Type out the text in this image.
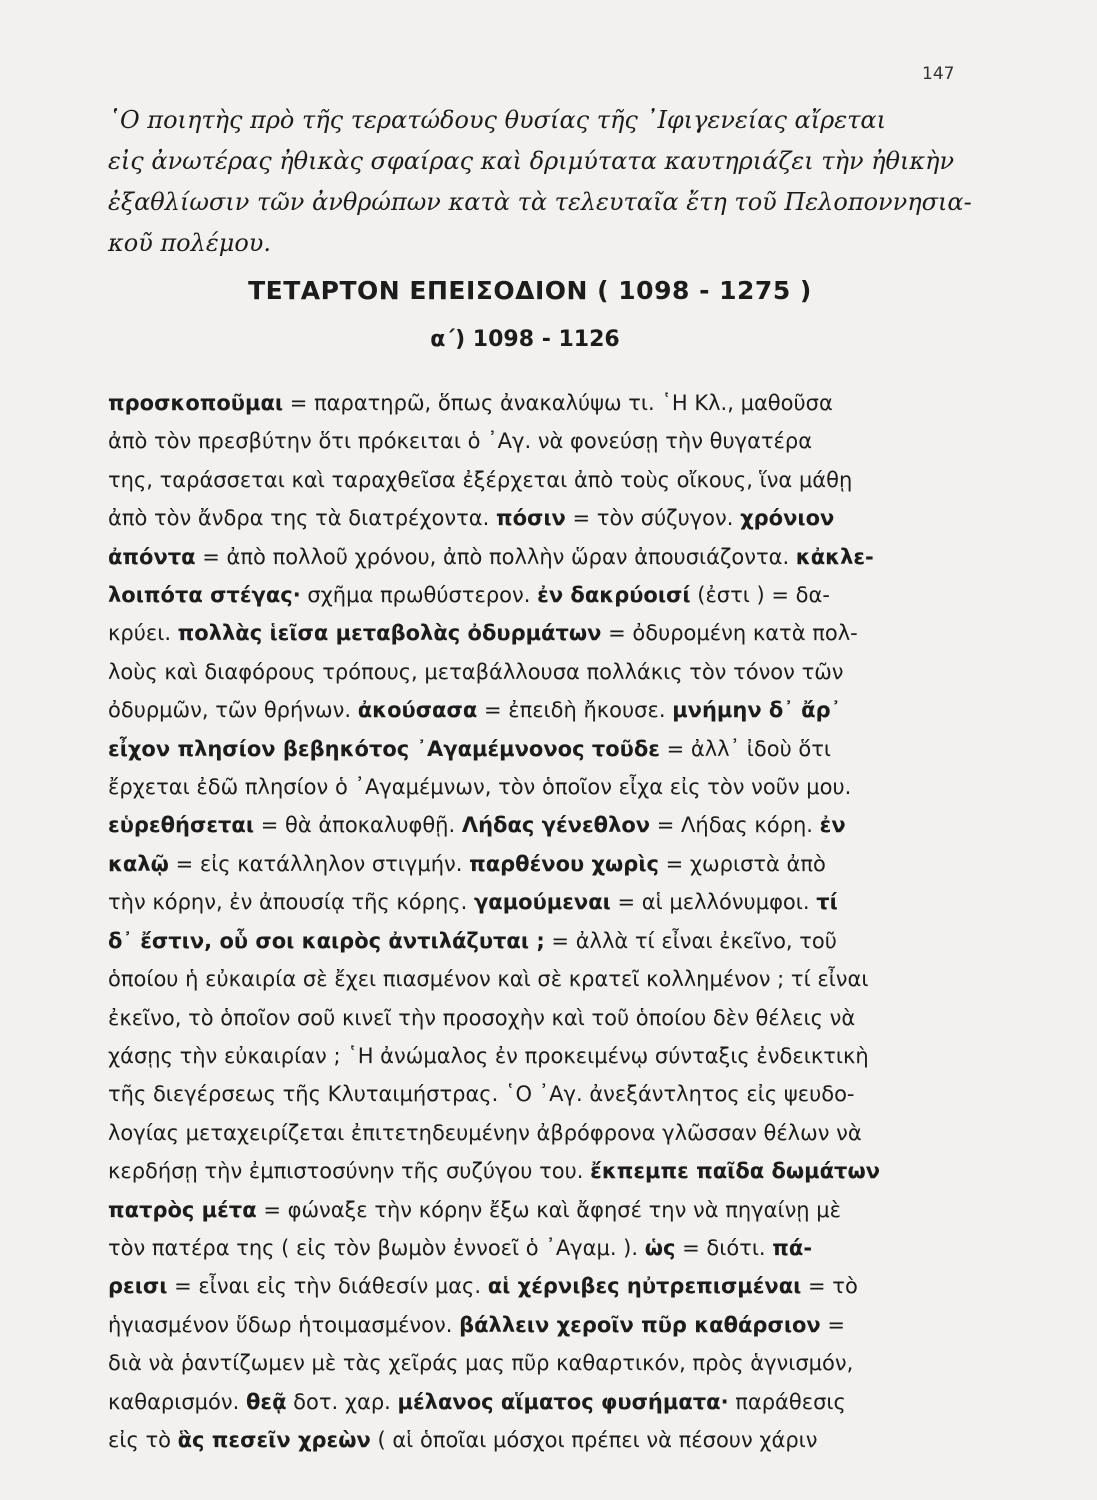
147

῾Ο ποιητὴς πρὸ τῆς τερατώδους θυσίας τῆς ᾿Ιφιγενείας αἴρεται
εἰς ἀνωτέρας ἠθικὰς σφαίρας καὶ δριμύτατα καυτηριάζει τὴν ἠθικὴν
ἐξαθλίωσιν τῶν ἀνθρώπων κατὰ τὰ τελευταῖα ἔτη τοῦ Πελοποννησια-
κοῦ πολέμου.

ΤΕΤΑΡΤΟΝ ΕΠΕΙΣΟΔΙΟΝ ( 1098 - 1275 )
α΄) 1098 - 1126
προσκοποῦμαι = παρατηρῶ, ὅπως ἀνακαλύψω τι. ῾Η Κλ., μαθοῦσα
ἀπὸ τὸν πρεσβύτην ὅτι πρόκειται ὁ ᾿Αγ. νὰ φονεύσῃ τὴν θυγατέρα
της, ταράσσεται καὶ ταραχθεῖσα ἐξέρχεται ἀπὸ τοὺς οἴκους, ἵνα μάθῃ
ἀπὸ τὸν ἄνδρα της τὰ διατρέχοντα. πόσιν = τὸν σύζυγον. χρόνιον
ἀπόντα = ἀπὸ πολλοῦ χρόνου, ἀπὸ πολλὴν ὥραν ἀπουσιάζοντα. κἀκλε-
λοιπότα στέγας· σχῆμα πρωθύστερον. ἐν δακρύοισί (ἐστι ) = δα-
κρύει. πολλὰς ἱεῖσα μεταβολὰς ὀδυρμάτων = ὀδυρομένη κατὰ πολ-
λοὺς καὶ διαφόρους τρόπους, μεταβάλλουσα πολλάκις τὸν τόνον τῶν
ὀδυρμῶν, τῶν θρήνων. ἀκούσασα = ἐπειδὴ ἤκουσε. μνήμην δ᾿ ἄρ᾿
εἶχον πλησίον βεβηκότος ᾿Αγαμέμνονος τοῦδε = ἀλλ᾿ ἰδοὺ ὅτι
ἔρχεται ἐδῶ πλησίον ὁ ᾿Αγαμέμνων, τὸν ὁποῖον εἶχα εἰς τὸν νοῦν μου.
εὑρεθήσεται = θὰ ἀποκαλυφθῇ. Λήδας γένεθλον = Λήδας κόρη. ἐν
καλῷ = εἰς κατάλληλον στιγμήν. παρθένου χωρὶς = χωριστὰ ἀπὸ
τὴν κόρην, ἐν ἀπουσίᾳ τῆς κόρης. γαμούμεναι = αἱ μελλόνυμφοι. τί
δ᾿ ἔστιν, οὗ σοι καιρὸς ἀντιλάζυται ; = ἀλλὰ τί εἶναι ἐκεῖνο, τοῦ
ὁποίου ἡ εὐκαιρία σὲ ἔχει πιασμένον καὶ σὲ κρατεῖ κολλημένον ; τί εἶναι
ἐκεῖνο, τὸ ὁποῖον σοῦ κινεῖ τὴν προσοχὴν καὶ τοῦ ὁποίου δὲν θέλεις νὰ
χάσῃς τὴν εὐκαιρίαν ; ῾Η ἀνώμαλος ἐν προκειμένῳ σύνταξις ἐνδεικτικὴ
τῆς διεγέρσεως τῆς Κλυταιμήστρας. ῾Ο ᾿Αγ. ἀνεξάντλητος εἰς ψευδο-
λογίας μεταχειρίζεται ἐπιτετηδευμένην ἀβρόφρονα γλῶσσαν θέλων νὰ
κερδήσῃ τὴν ἐμπιστοσύνην τῆς συζύγου του. ἔκπεμπε παῖδα δωμάτων
πατρὸς μέτα = φώναξε τὴν κόρην ἔξω καὶ ἄφησέ την νὰ πηγαίνῃ μὲ
τὸν πατέρα της ( εἰς τὸν βωμὸν ἐννοεῖ ὁ ᾿Αγαμ. ). ὡς = διότι. πά-
ρεισι = εἶναι εἰς τὴν διάθεσίν μας. αἱ χέρνιβες ηὐτρεπισμέναι = τὸ
ἡγιασμένον ὕδωρ ἡτοιμασμένον. βάλλειν χεροῖν πῦρ καθάρσιον =
διὰ νὰ ῥαντίζωμεν μὲ τὰς χεῖράς μας πῦρ καθαρτικόν, πρὸς ἁγνισμόν,
καθαρισμόν. θεᾷ δοτ. χαρ. μέλανος αἵματος φυσήματα· παράθεσις
εἰς τὸ ἃς πεσεῖν χρεὼν ( αἱ ὁποῖαι μόσχοι πρέπει νὰ πέσουν χάριν
